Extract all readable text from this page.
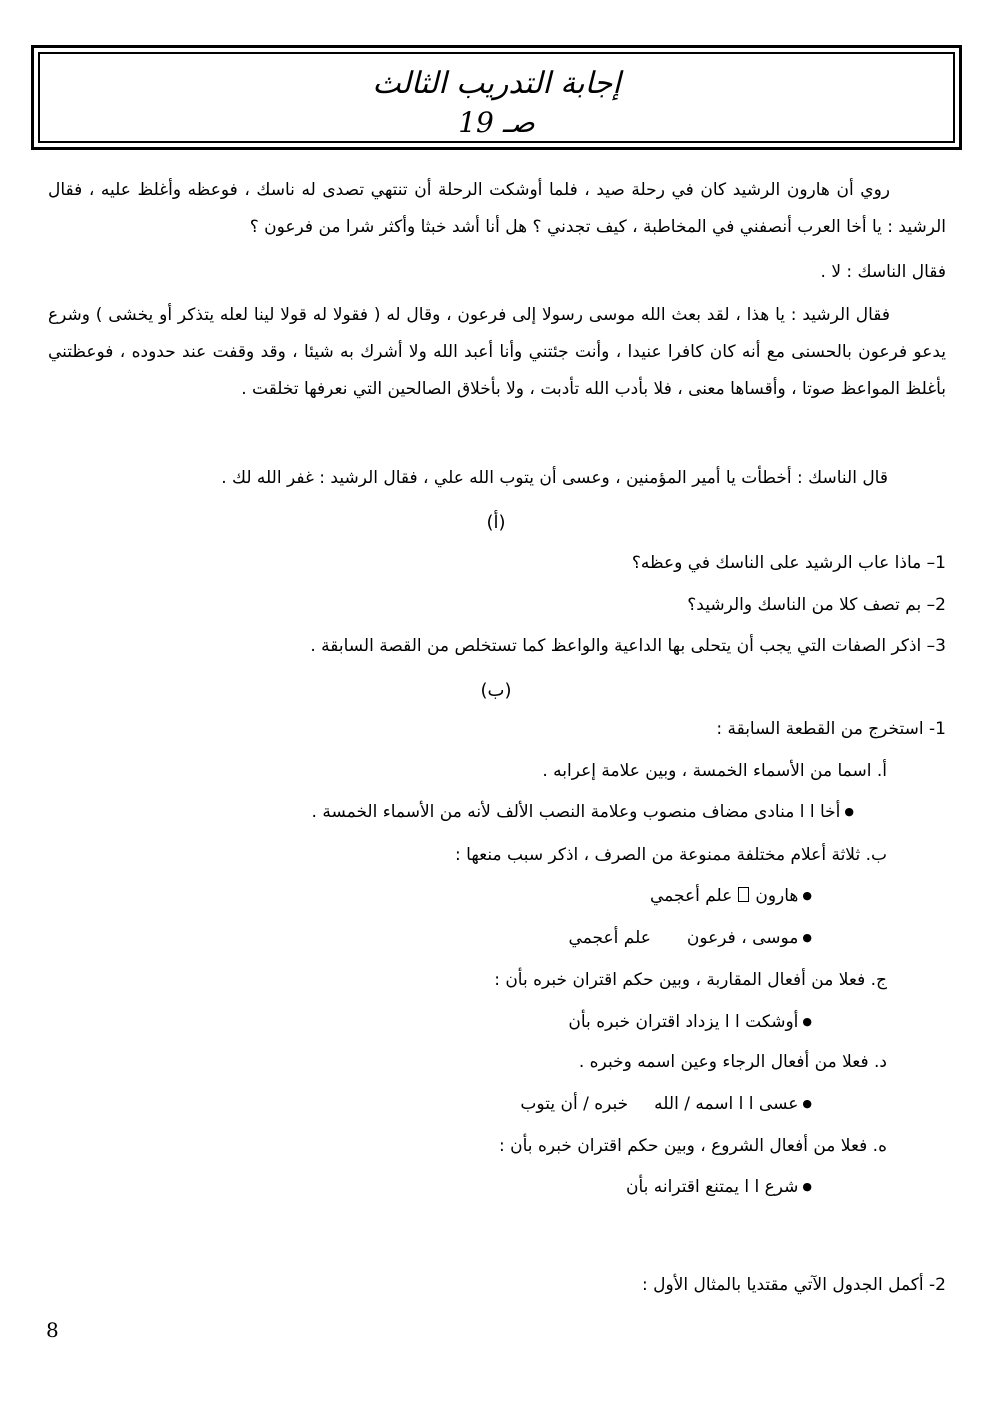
إجابة التدريب الثالث
صـ 19
روي أن هارون الرشيد كان في رحلة صيد ، فلما أوشكت الرحلة أن تنتهي تصدى له ناسك ، فوعظه وأغلظ عليه ، فقال الرشيد : يا أخا العرب أنصفني في المخاطبة ، كيف تجدني ؟ هل أنا أشد خبثا وأكثر شرا من فرعون ؟
فقال الناسك : لا .
فقال الرشيد : يا هذا ، لقد بعث الله موسى رسولا إلى فرعون ، وقال له ( فقولا له قولا لينا لعله يتذكر أو يخشى ) وشرع يدعو فرعون بالحسنى مع أنه كان كافرا عنيدا ، وأنت جئتني وأنا أعبد الله ولا أشرك به شيئا ، وقد وقفت عند حدوده ، فوعظتني بأغلظ المواعظ صوتا ، وأقساها معنى ، فلا بأدب الله تأدبت ، ولا بأخلاق الصالحين التي نعرفها تخلقت .
قال الناسك : أخطأت يا أمير المؤمنين ، وعسى أن يتوب الله علي ، فقال الرشيد : غفر الله لك .
(أ)
1– ماذا عاب الرشيد على الناسك في وعظه؟
2– بم تصف كلا من الناسك والرشيد؟
3– اذكر الصفات التي يجب أن يتحلى بها الداعية والواعظ كما تستخلص من القصة السابقة .
(ب)
1- استخرج من القطعة السابقة :
أ. اسما من الأسماء الخمسة ، وبين علامة إعرابه .
● أخا ا ا منادى مضاف منصوب وعلامة النصب الألف لأنه من الأسماء الخمسة .
ب. ثلاثة أعلام مختلفة ممنوعة من الصرف ، اذكر سبب منعها :
● هارونعلم أعجمي
● موسى ، فرعونعلم أعجمي
ج. فعلا من أفعال المقاربة ، وبين حكم اقتران خبره بأن :
● أوشكت ا ا يزداد اقتران خبره بأن
د. فعلا من أفعال الرجاء وعين اسمه وخبره .
● عسى ا ا اسمه / اللهخبره / أن يتوب
ه. فعلا من أفعال الشروع ، وبين حكم اقتران خبره بأن :
● شرع ا ا يمتنع اقترانه بأن
2- أكمل الجدول الآتي مقتديا بالمثال الأول :
8
